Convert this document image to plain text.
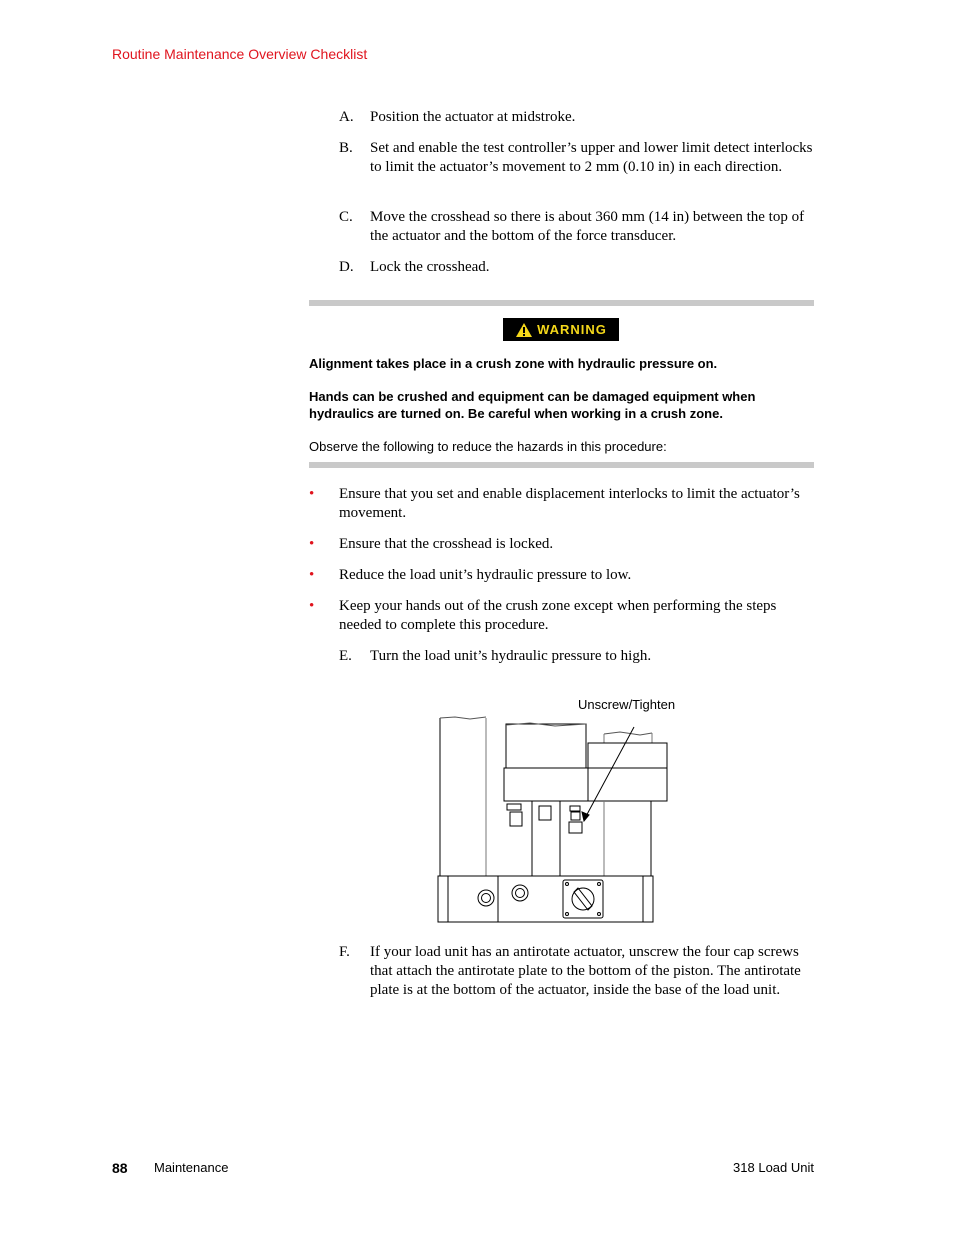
Routine Maintenance Overview Checklist
A. Position the actuator at midstroke.
B. Set and enable the test controller’s upper and lower limit detect interlocks to limit the actuator’s movement to 2 mm (0.10 in) in each direction.
C. Move the crosshead so there is about 360 mm (14 in) between the top of the actuator and the bottom of the force transducer.
D. Lock the crosshead.
WARNING
Alignment takes place in a crush zone with hydraulic pressure on.
Hands can be crushed and equipment can be damaged equipment when hydraulics are turned on. Be careful when working in a crush zone.
Observe the following to reduce the hazards in this procedure:
• Ensure that you set and enable displacement interlocks to limit the actuator’s movement.
• Ensure that the crosshead is locked.
• Reduce the load unit’s hydraulic pressure to low.
• Keep your hands out of the crush zone except when performing the steps needed to complete this procedure.
E. Turn the load unit’s hydraulic pressure to high.
Unscrew/Tighten
F. If your load unit has an antirotate actuator, unscrew the four cap screws that attach the antirotate plate to the bottom of the piston. The antirotate plate is at the bottom of the actuator, inside the base of the load unit.
88 Maintenance	318 Load Unit
